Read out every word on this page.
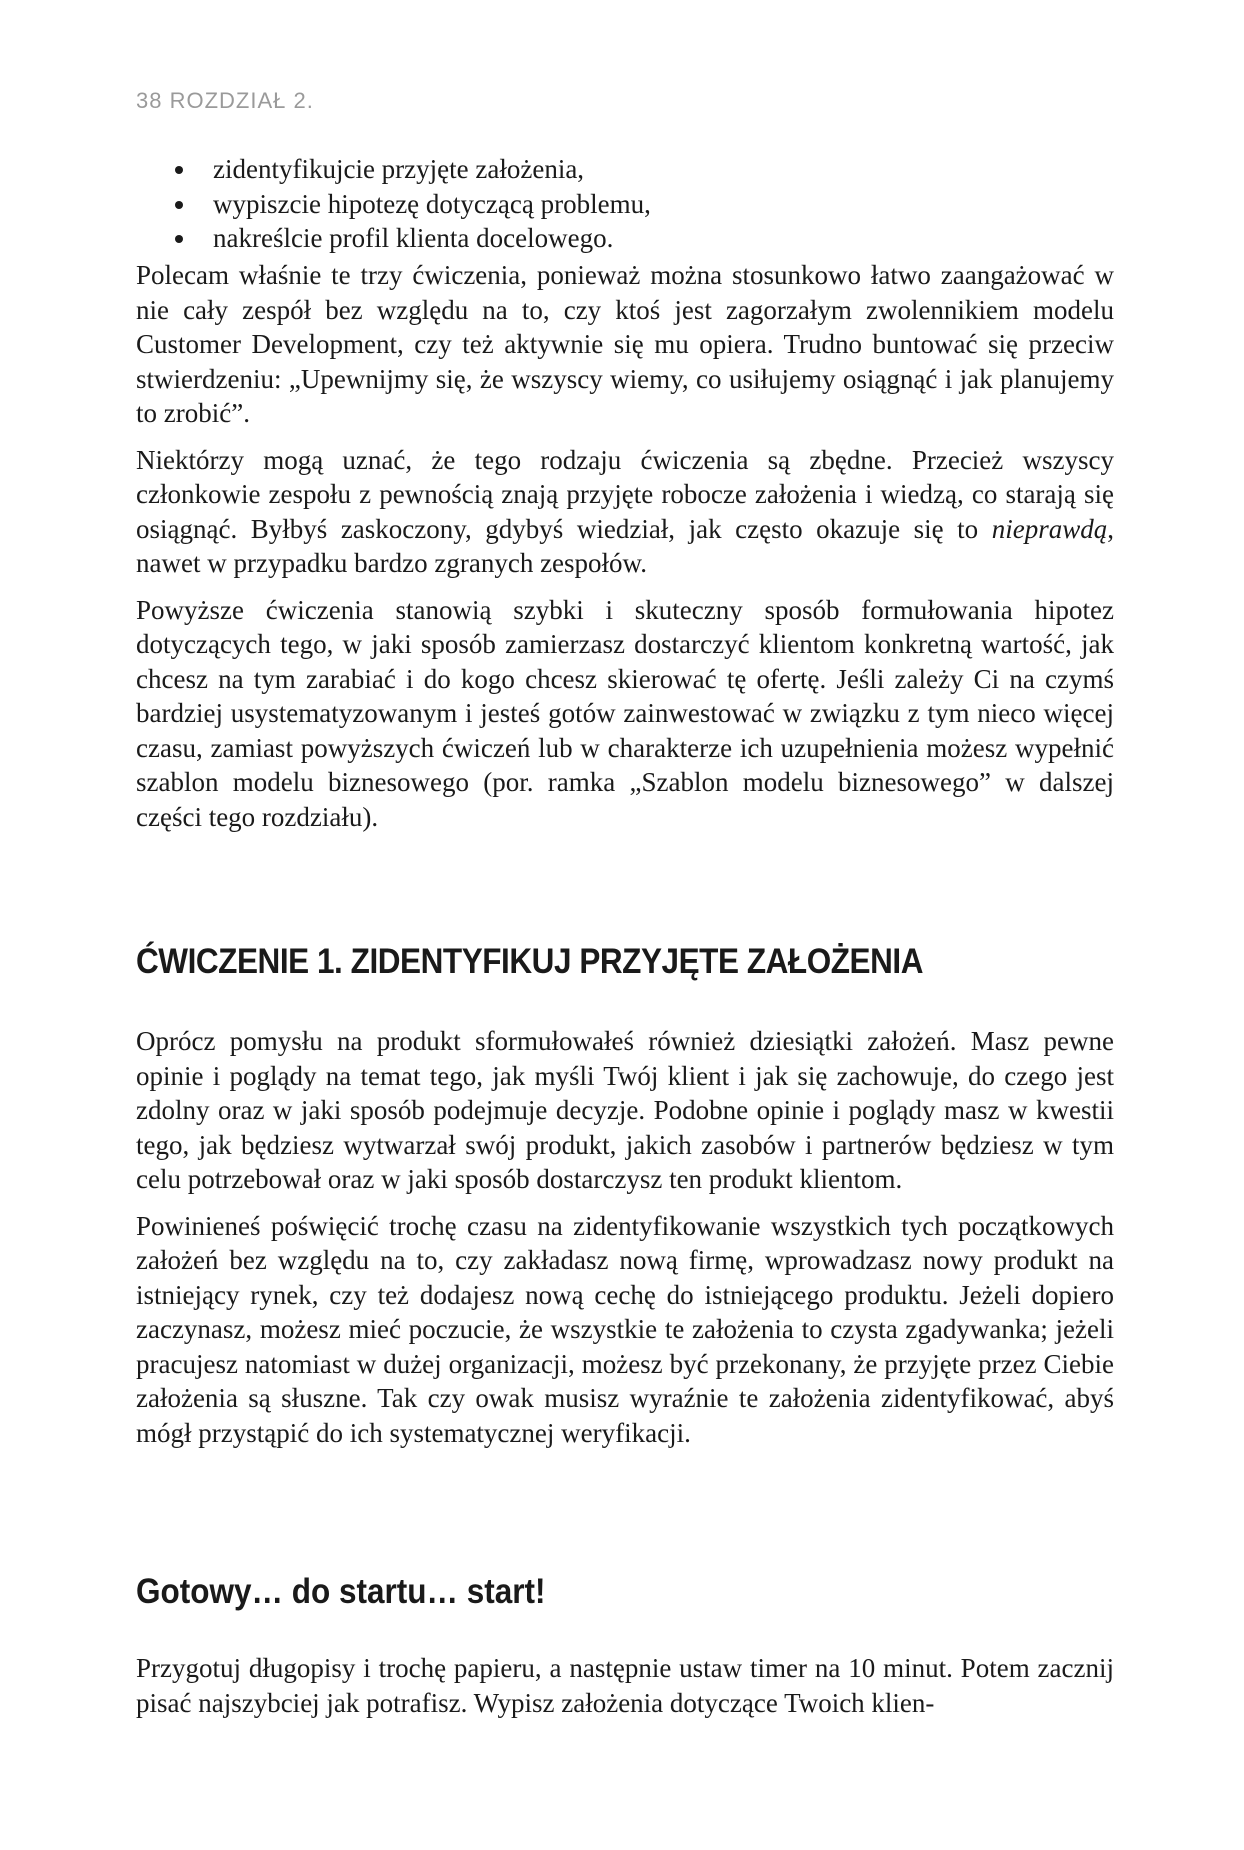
38 ROZDZIAŁ 2.
zidentyfikujcie przyjęte założenia,
wypiszcie hipotezę dotyczącą problemu,
nakreślcie profil klienta docelowego.

Polecam właśnie te trzy ćwiczenia, ponieważ można stosunkowo łatwo zaangażować w nie cały zespół bez względu na to, czy ktoś jest zagorzałym zwolennikiem modelu Customer Development, czy też aktywnie się mu opiera. Trudno buntować się przeciw stwierdzeniu: „Upewnijmy się, że wszyscy wiemy, co usiłujemy osiągnąć i jak planujemy to zrobić”.

Niektórzy mogą uznać, że tego rodzaju ćwiczenia są zbędne. Przecież wszyscy członkowie zespołu z pewnością znają przyjęte robocze założenia i wiedzą, co starają się osiągnąć. Byłbyś zaskoczony, gdybyś wiedział, jak często okazuje się to nieprawdą, nawet w przypadku bardzo zgranych zespołów.

Powyższe ćwiczenia stanowią szybki i skuteczny sposób formułowania hipotez dotyczących tego, w jaki sposób zamierzasz dostarczyć klientom konkretną wartość, jak chcesz na tym zarabiać i do kogo chcesz skierować tę ofertę. Jeśli zależy Ci na czymś bardziej usystematyzowanym i jesteś gotów zainwestować w związku z tym nieco więcej czasu, zamiast powyższych ćwiczeń lub w charakterze ich uzupełnienia możesz wypełnić szablon modelu biznesowego (por. ramka „Szablon modelu biznesowego” w dalszej części tego rozdziału).

ĆWICZENIE 1. ZIDENTYFIKUJ PRZYJĘTE ZAŁOŻENIA

Oprócz pomysłu na produkt sformułowałeś również dziesiątki założeń. Masz pewne opinie i poglądy na temat tego, jak myśli Twój klient i jak się zachowuje, do czego jest zdolny oraz w jaki sposób podejmuje decyzje. Podobne opinie i poglądy masz w kwestii tego, jak będziesz wytwarzał swój produkt, jakich zasobów i partnerów będziesz w tym celu potrzebował oraz w jaki sposób dostarczysz ten produkt klientom.

Powinieneś poświęcić trochę czasu na zidentyfikowanie wszystkich tych początkowych założeń bez względu na to, czy zakładasz nową firmę, wprowadzasz nowy produkt na istniejący rynek, czy też dodajesz nową cechę do istniejącego produktu. Jeżeli dopiero zaczynasz, możesz mieć poczucie, że wszystkie te założenia to czysta zgadywanka; jeżeli pracujesz natomiast w dużej organizacji, możesz być przekonany, że przyjęte przez Ciebie założenia są słuszne. Tak czy owak musisz wyraźnie te założenia zidentyfikować, abyś mógł przystąpić do ich systematycznej weryfikacji.

Gotowy… do startu… start!

Przygotuj długopisy i trochę papieru, a następnie ustaw timer na 10 minut. Potem zacznij pisać najszybciej jak potrafisz. Wypisz założenia dotyczące Twoich klien-
